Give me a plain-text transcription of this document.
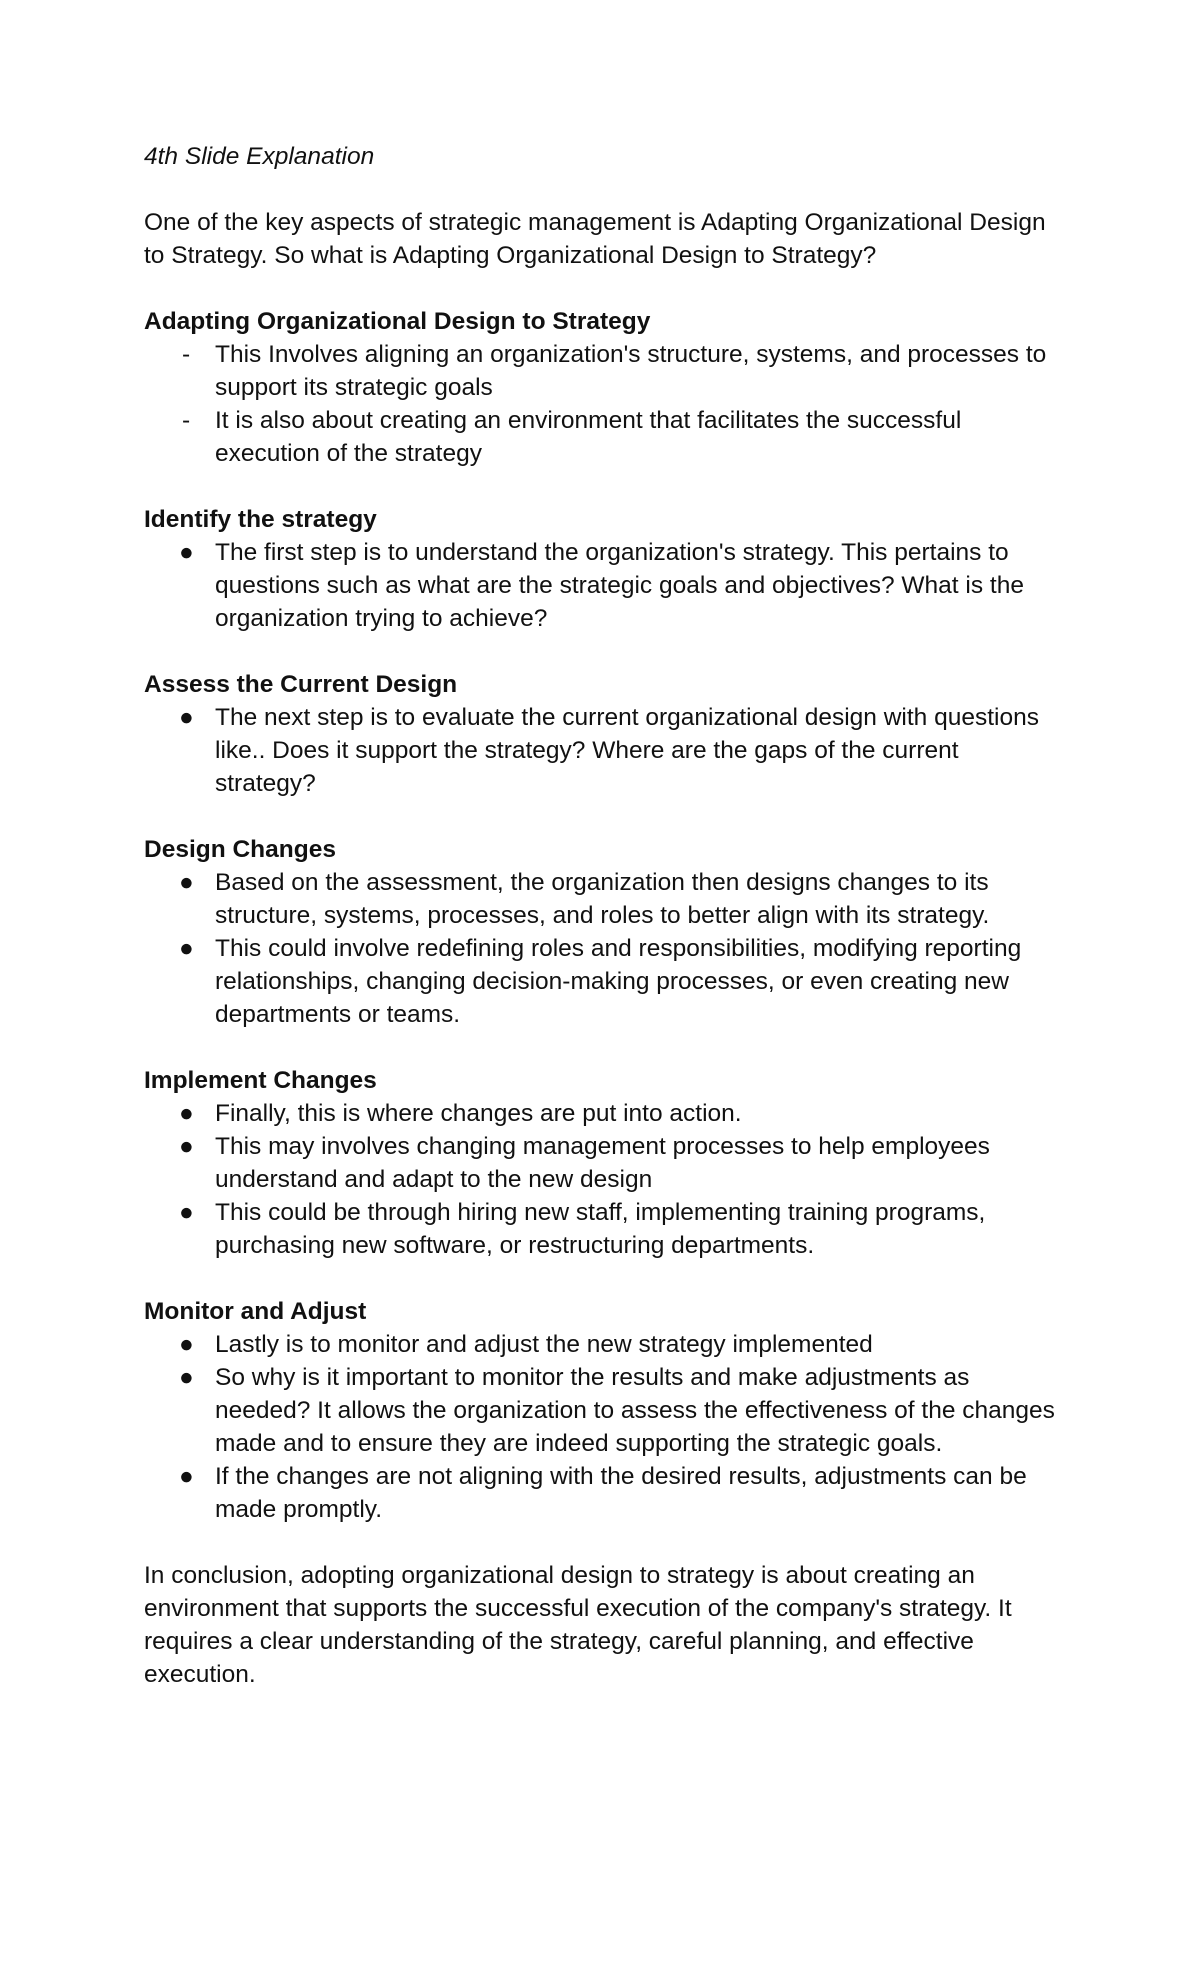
4th Slide Explanation

One of the key aspects of strategic management is Adapting Organizational Design to Strategy. So what is Adapting Organizational Design to Strategy?

Adapting Organizational Design to Strategy

-	This Involves aligning an organization's structure, systems, and processes to support its strategic goals
-	It is also about creating an environment that facilitates the successful execution of the strategy

Identify the strategy

● The first step is to understand the organization's strategy. This pertains to questions such as what are the strategic goals and objectives? What is the organization trying to achieve?

Assess the Current Design

● The next step is to evaluate the current organizational design with questions like.. Does it support the strategy? Where are the gaps of the current strategy?

Design Changes

● Based on the assessment, the organization then designs changes to its structure, systems, processes, and roles to better align with its strategy.
● This could involve redefining roles and responsibilities, modifying reporting relationships, changing decision-making processes, or even creating new departments or teams.

Implement Changes

● Finally, this is where changes are put into action.
● This may involves changing management processes to help employees understand and adapt to the new design
● This could be through hiring new staff, implementing training programs, purchasing new software, or restructuring departments.

Monitor and Adjust

● Lastly is to monitor and adjust the new strategy implemented
● So why is it important to monitor the results and make adjustments as needed? It allows the organization to assess the effectiveness of the changes made and to ensure they are indeed supporting the strategic goals.
● If the changes are not aligning with the desired results, adjustments can be made promptly.

In conclusion, adopting organizational design to strategy is about creating an environment that supports the successful execution of the company's strategy. It requires a clear understanding of the strategy, careful planning, and effective execution.
